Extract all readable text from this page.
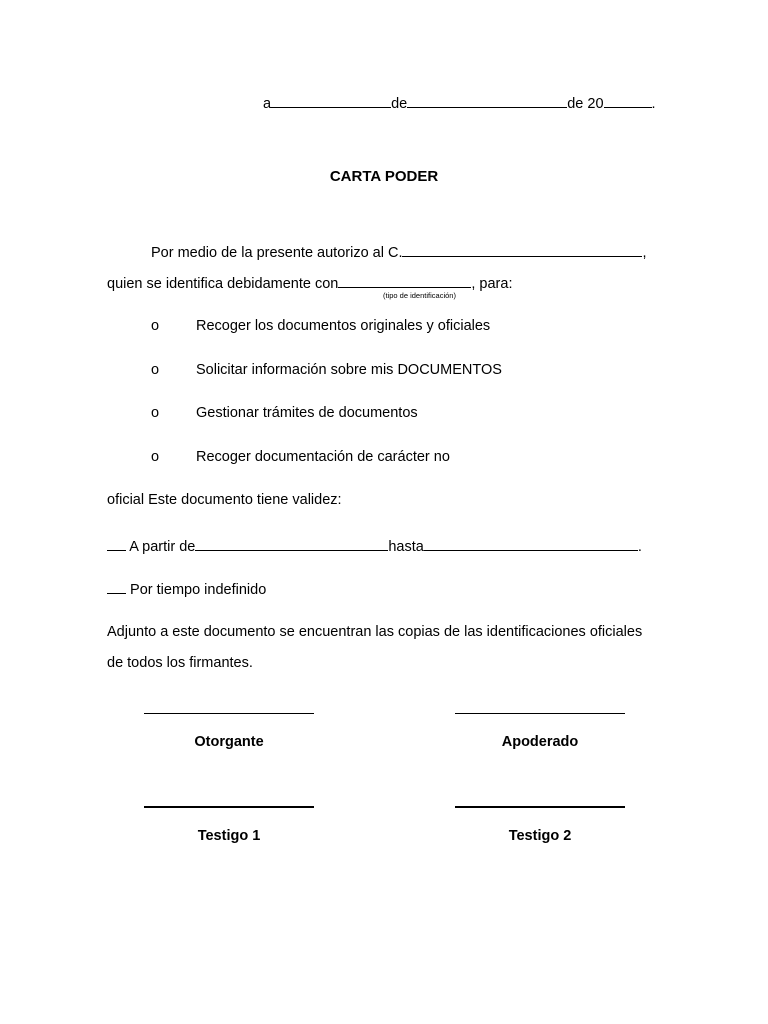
a	de	de 20	.
CARTA PODER
Por medio de la presente autorizo al C.	,
quien se identifica debidamente con	, para:
(tipo de identificación)
o	Recoger los documentos originales y oficiales
o	Solicitar información sobre mis DOCUMENTOS
o	Gestionar trámites de documentos
o	Recoger documentación de carácter no
oficial Este documento tiene validez:
A partir de	hasta	.
Por tiempo indefinido
Adjunto a este documento se encuentran las copias de las identificaciones oficiales
de todos los firmantes.
Otorgante	Apoderado
Testigo 1	Testigo 2
